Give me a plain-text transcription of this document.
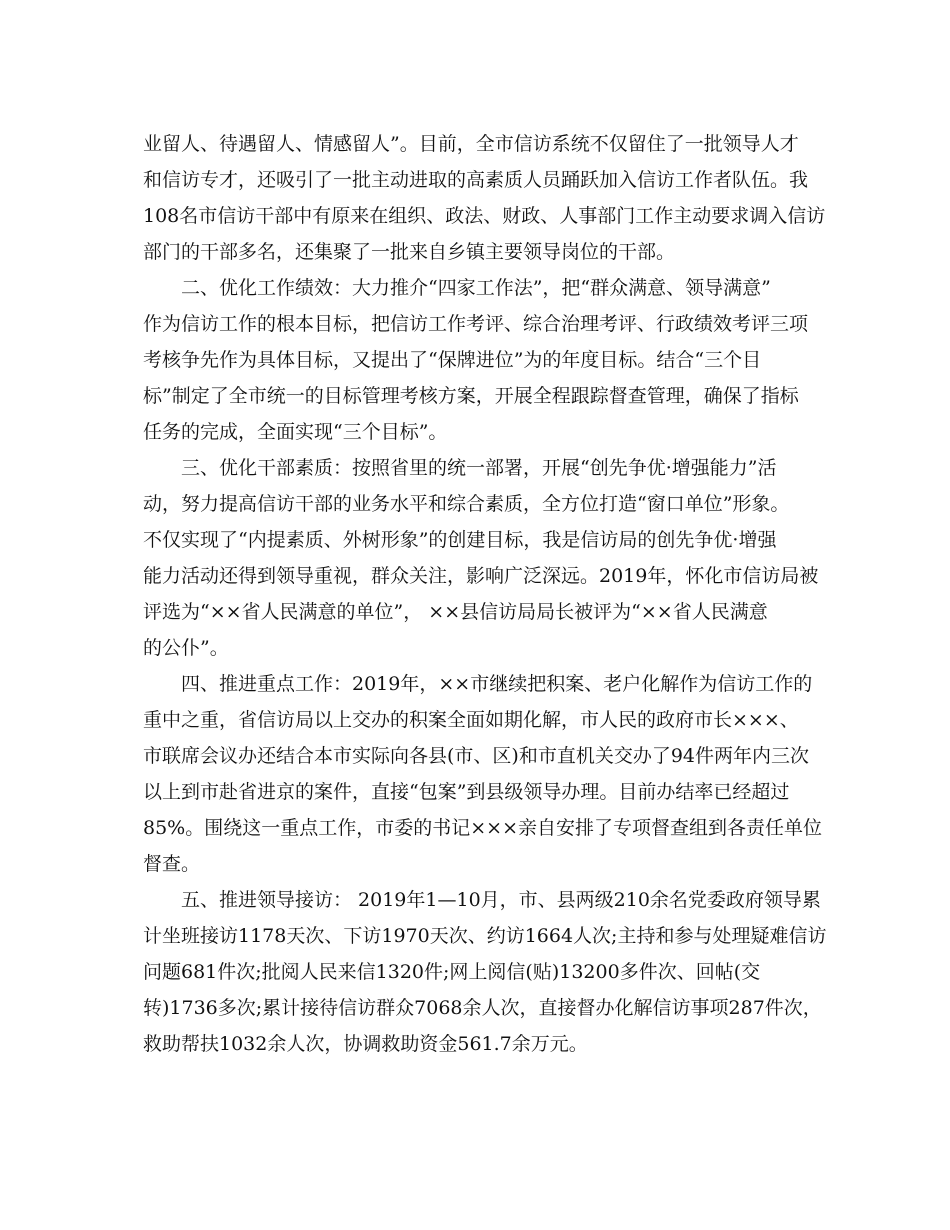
业留人、待遇留人、情感留人”。目前，全市信访系统不仅留住了一批领导人才
和信访专才，还吸引了一批主动进取的高素质人员踊跃加入信访工作者队伍。我
108名市信访干部中有原来在组织、政法、财政、人事部门工作主动要求调入信访
部门的干部多名，还集聚了一批来自乡镇主要领导岗位的干部。
二、优化工作绩效：大力推介“四家工作法”，把“群众满意、领导满意”
作为信访工作的根本目标，把信访工作考评、综合治理考评、行政绩效考评三项
考核争先作为具体目标，又提出了“保牌进位”为的年度目标。结合“三个目
标”制定了全市统一的目标管理考核方案，开展全程跟踪督查管理，确保了指标
任务的完成，全面实现“三个目标”。
三、优化干部素质：按照省里的统一部署，开展“创先争优·增强能力”活
动，努力提高信访干部的业务水平和综合素质，全方位打造“窗口单位”形象。
不仅实现了“内提素质、外树形象”的创建目标，我是信访局的创先争优·增强
能力活动还得到领导重视，群众关注，影响广泛深远。2019年，怀化市信访局被
评选为“××省人民满意的单位”， ××县信访局局长被评为“××省人民满意
的公仆”。
四、推进重点工作：2019年，××市继续把积案、老户化解作为信访工作的
重中之重，省信访局以上交办的积案全面如期化解，市人民的政府市长×××、
市联席会议办还结合本市实际向各县(市、区)和市直机关交办了94件两年内三次
以上到市赴省进京的案件，直接“包案”到县级领导办理。目前办结率已经超过
85%。围绕这一重点工作，市委的书记×××亲自安排了专项督查组到各责任单位
督查。
五、推进领导接访： 2019年1—10月，市、县两级210余名党委政府领导累
计坐班接访1178天次、下访1970天次、约访1664人次;主持和参与处理疑难信访
问题681件次;批阅人民来信1320件;网上阅信(贴)13200多件次、回帖(交
转)1736多次;累计接待信访群众7068余人次，直接督办化解信访事项287件次，
救助帮扶1032余人次，协调救助资金561.7余万元。
